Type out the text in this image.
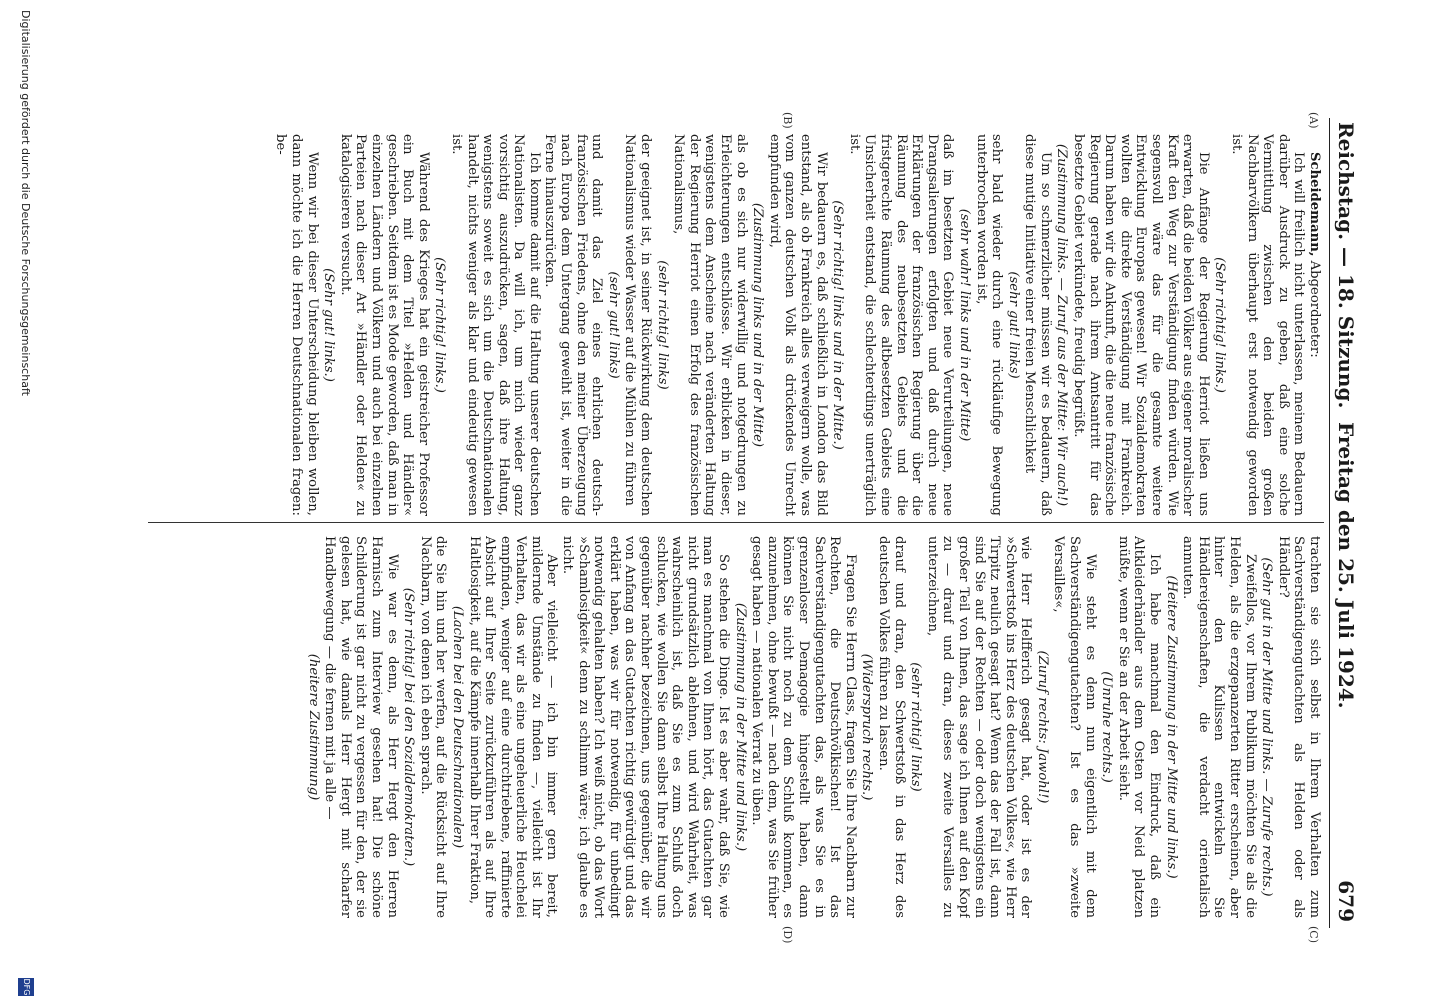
Reichstag. — 18. Sitzung.
Freitag den 25. Juli 1924.
679
(A)
(B)
(C)
(D)

Scheidemann, Abgeordneter:

Ich will freilich nicht unterlassen, meinem Bedauern darüber Ausdruck zu geben, daß eine solche Vermittlung zwischen den beiden großen Nachbarvölkern überhaupt erst notwendig geworden ist.

(Sehr richtig! links.)

Die Anfänge der Regierung Herriot ließen uns erwarten, daß die beiden Völker aus eigener moralischer Kraft den Weg zur Verständigung finden würden. Wie segensvoll wäre das für die gesamte weitere Entwicklung Europas gewesen! Wir Sozialdemokraten wollten die direkte Verständigung mit Frankreich. Darum haben wir die Ankunft, die die neue französische Regierung gerade nach ihrem Amtsantritt für das besetzte Gebiet verkündete, freudig begrüßt.

(Zustimmung links. — Zuruf aus der Mitte: Wir auch!)

Um so schmerzlicher müssen wir es bedauern, daß diese mutige Initiative einer freien Menschlichkeit

(sehr gut! links)

sehr bald wieder durch eine rückläufige Bewegung unterbrochen worden ist,

(sehr wahr! links und in der Mitte)

daß im besetzten Gebiet neue Verurteilungen, neue Drangsalierungen erfolgten und daß durch neue Erklärungen der französischen Regierung über die Räumung des neubesetzten Gebiets und die fristgerechte Räumung des altbesetzten Gebiets eine Unsicherheit entstand, die schlechterdings unerträglich ist.

(Sehr richtig! links und in der Mitte.)

Wir bedauern es, daß schließlich in London das Bild entstand, als ob Frankreich alles verweigern wolle, was vom ganzen deutschen Volk als drückendes Unrecht empfunden wird,

(Zustimmung links und in der Mitte)

als ob es sich nur widerwillig und notgedrungen zu Erleichterungen entschlösse. Wir erblicken in dieser, wenigstens dem Anscheine nach veränderten Haltung der Regierung Herriot einen Erfolg des französischen Nationalismus,

(sehr richtig! links)

der geeignet ist, in seiner Rückwirkung dem deutschen Nationalismus wieder Wasser auf die Mühlen zu führen

(sehr gut! links)

und damit das Ziel eines ehrlichen deutsch-französischen Friedens, ohne den meiner Überzeugung nach Europa dem Untergang geweiht ist, weiter in die Ferne hinauszurücken.

Ich komme damit auf die Haltung unserer deutschen Nationalisten. Da will ich, um mich wieder ganz vorsichtig auszudrücken, sagen, daß ihre Haltung, wenigstens soweit es sich um die Deutschnationalen handelt, nichts weniger als klar und eindeutig gewesen ist.

(Sehr richtig! links.)

Während des Krieges hat ein geistreicher Professor ein Buch mit dem Titel »Helden und Händler« geschrieben. Seitdem ist es Mode geworden, daß man in einzelnen Ländern und Völkern und auch bei einzelnen Parteien nach dieser Art »Händler oder Helden« zu katalogisieren versucht.

(Sehr gut! links.)

Wenn wir bei dieser Unterscheidung bleiben wollen, dann möchte ich die Herren Deutschnationalen fragen: be-

trachten sie sich selbst in Ihrem Verhalten zum Sachverständigengutachten als Helden oder als Händler?

(Sehr gut in der Mitte und links. — Zurufe rechts.)

Zweifellos, vor Ihrem Publikum möchten Sie als die Helden, als die erzgepanzerten Ritter erscheinen, aber hinter den Kulissen entwickeln Sie Händlereigenschaften, die verdacht orientalisch anmuten.

(Heitere Zustimmung in der Mitte und links.)

Ich habe manchmal den Eindruck, daß ein Altkleiderhändler aus dem Osten vor Neid platzen müßte, wenn er Sie an der Arbeit sieht.

(Unruhe rechts.)

Wie steht es denn nun eigentlich mit dem Sachverständigengutachten? Ist es das »zweite Versailles«,

(Zuruf rechts: Jawohl!)

wie Herr Helfferich gesagt hat, oder ist es der »Schwertstoß ins Herz des deutschen Volkes«, wie Herr Tirpitz neulich gesagt hat? Wenn das der Fall ist, dann sind Sie auf der Rechten — oder doch wenigstens ein großer Teil von Ihnen, das sage ich Ihnen auf den Kopf zu — drauf und dran, dieses zweite Versailles zu unterzeichnen,

(sehr richtig! links)

drauf und dran, den Schwertstoß in das Herz des deutschen Volkes führen zu lassen.

(Widerspruch rechts.)

Fragen Sie Herrn Class, fragen Sie Ihre Nachbarn zur Rechten, die Deutschvölkischen! Ist das Sachverständigengutachten das, als was Sie es in grenzenloser Demagogie hingestellt haben, dann können Sie nicht noch zu dem Schluß kommen, es anzunehmen, ohne bewußt — nach dem, was Sie früher gesagt haben — nationalen Verrat zu üben.

(Zustimmung in der Mitte und links.)

So stehen die Dinge. Ist es aber wahr, daß Sie, wie man es manchmal von Ihnen hört, das Gutachten gar nicht grundsätzlich ablehnen, und wird Wahrheit, was wahrscheinlich ist, daß Sie es zum Schluß doch schlucken, wie wollen Sie dann selbst Ihre Haltung uns gegenüber nachher bezeichnen, uns gegenüber, die wir von Anfang an das Gutachten richtig gewürdigt und das erklärt haben, was wir für notwendig, für unbedingt notwendig gehalten haben? Ich weiß nicht, ob das Wort »Schamlosigkeit« denn zu schlimm wäre; ich glaube es nicht.

Aber vielleicht — ich bin immer gern bereit, mildernde Umstände zu finden —, vielleicht ist Ihr Verhalten, das wir als eine ungeheuerliche Heuchelei empfinden, weniger auf eine durchtriebene, raffinierte Absicht auf Ihrer Seite zurückzuführen als auf Ihre Haltlosigkeit, auf die Kämpfe innerhalb Ihrer Fraktion,

(Lachen bei den Deutschnationalen)

die Sie hin und her werfen, auf die Rücksicht auf Ihre Nachbarn, von denen ich eben sprach.

(Sehr richtig! bei den Sozialdemokraten.)

Wie war es denn, als Herr Hergt den Herren Harnisch zum Interview gesehen hat! Die schöne Schilderung ist gar nicht zu vergessen für den, der sie gelesen hat, wie damals Herr Hergt mit scharfer Handbewegung — die fernen mit ja alle —

(heitere Zustimmung)

Digitalisierung gefördert durch die Deutsche Forschungsgemeinschaft
DFG
